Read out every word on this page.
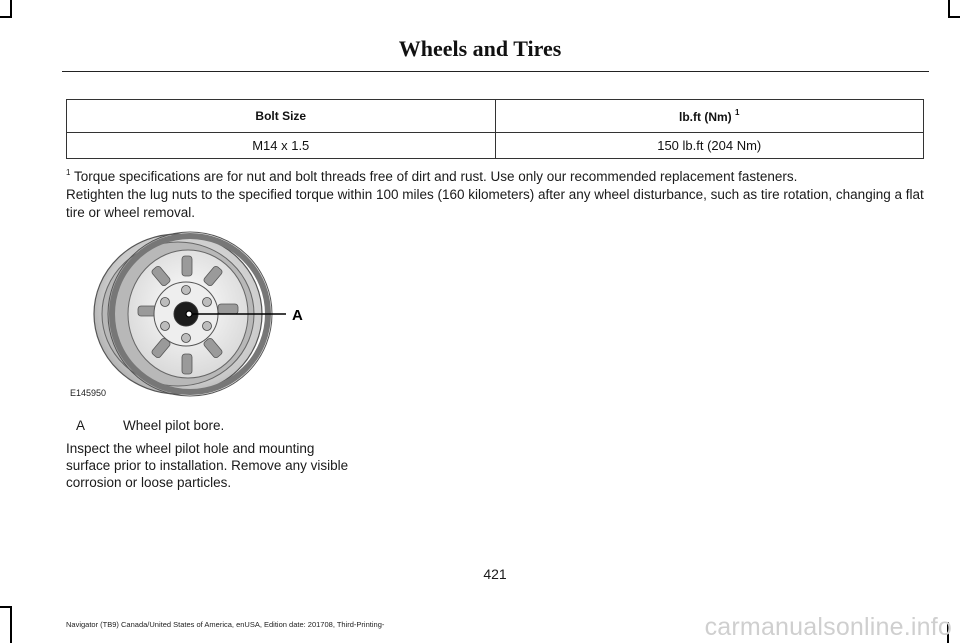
Wheels and Tires
Bolt Size	lb.ft (Nm) $^1$
M14 x 1.5	150 lb.ft (204 Nm)
$^1$ Torque specifications are for nut and bolt threads free of dirt and rust. Use only our recommended replacement fasteners.
Retighten the lug nuts to the specified torque within 100 miles (160 kilometers) after any wheel disturbance, such as tire rotation, changing a flat tire or wheel removal.
A
E145950
A	Wheel pilot bore.
Inspect the wheel pilot hole and mounting surface prior to installation. Remove any visible corrosion or loose particles.
421
Navigator (TB9) Canada/United States of America, enUSA, Edition date: 201708, Third-Printing-	carmanualsonline.info
